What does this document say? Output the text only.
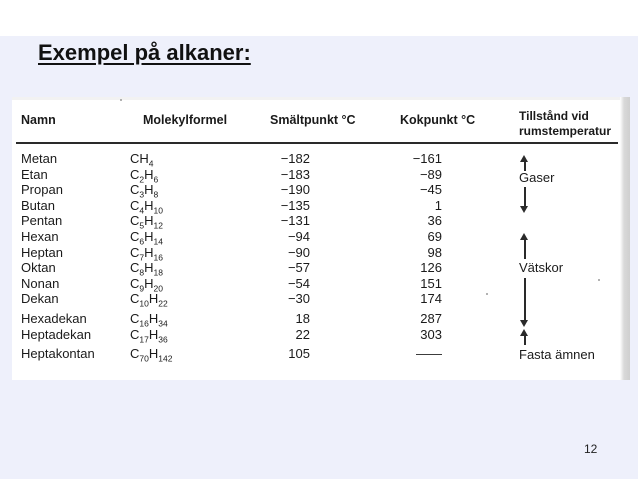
Exempel på alkaner:
Namn	Molekylformel	Smältpunkt °C	Kokpunkt °C	Tillstånd vid
rumstemperatur
Metan	$CH_4$	−182	−161
Etan	$C_2H_6$	−183	−89
Propan	$C_3H_8$	−190	−45
Butan	$C_4H_{10}$	−135	1
Pentan	$C_5H_{12}$	−131	36
Hexan	$C_6H_{14}$	−94	69
Heptan	$C_7H_{16}$	−90	98
Oktan	$C_8H_{18}$	−57	126
Nonan	$C_9H_{20}$	−54	151
Dekan	$C_{10}H_{22}$	−30	174
Hexadekan	$C_{16}H_{34}$	18	287
Heptadekan	$C_{17}H_{36}$	22	303
Heptakontan	$C_{70}H_{142}$	105	——
Gaser
Vätskor
Fasta ämnen
12
